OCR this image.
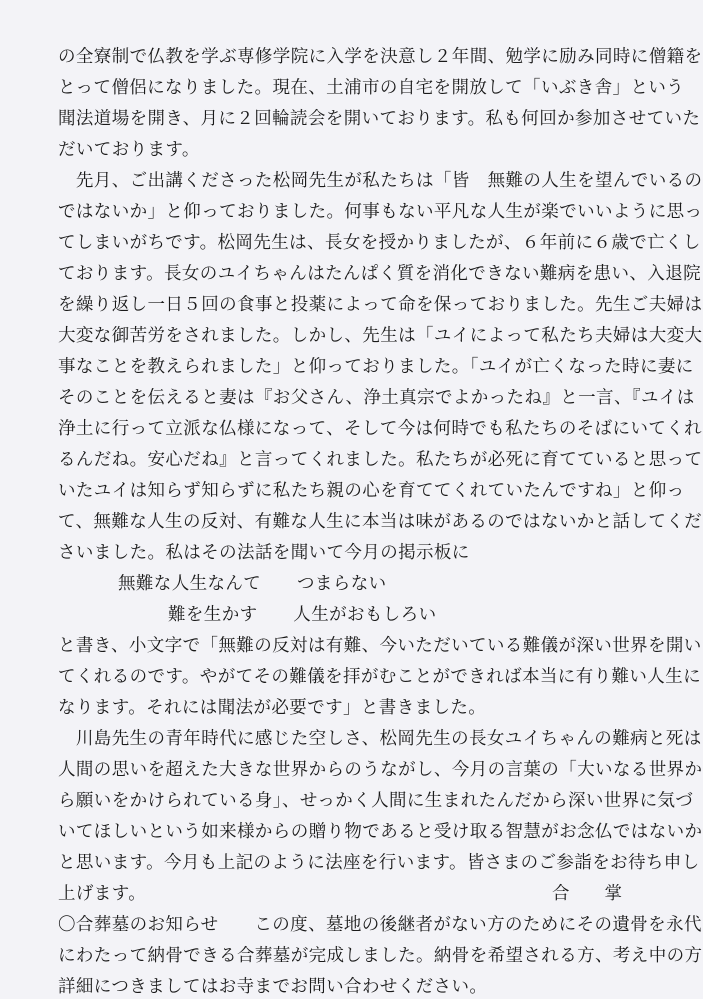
の全寮制で仏教を学ぶ専修学院に入学を決意し２年間、勉学に励み同時に僧籍を
とって僧侶になりました。現在、土浦市の自宅を開放して「いぶき舎」という
聞法道場を開き、月に２回輪読会を開いております。私も何回か参加させていた
だいております。
　先月、ご出講くださった松岡先生が私たちは「皆　無難の人生を望んでいるの
ではないか」と仰っておりました。何事もない平凡な人生が楽でいいように思っ
てしまいがちです。松岡先生は、長女を授かりましたが、６年前に６歳で亡くし
ております。長女のユイちゃんはたんぱく質を消化できない難病を患い、入退院
を繰り返し一日５回の食事と投薬によって命を保っておりました。先生ご夫婦は
大変な御苦労をされました。しかし、先生は「ユイによって私たち夫婦は大変大
事なことを教えられました」と仰っておりました。「ユイが亡くなった時に妻に
そのことを伝えると妻は『お父さん、浄土真宗でよかったね』と一言、『ユイは
浄土に行って立派な仏様になって、そして今は何時でも私たちのそばにいてくれ
るんだね。安心だね』と言ってくれました。私たちが必死に育てていると思って
いたユイは知らず知らずに私たち親の心を育ててくれていたんですね」と仰っ
て、無難な人生の反対、有難な人生に本当は味があるのではないかと話してくだ
さいました。私はその法話を聞いて今月の掲示板に
無難な人生なんて　　つまらない
難を生かす　　人生がおもしろい
と書き、小文字で「無難の反対は有難、今いただいている難儀が深い世界を開い
てくれるのです。やがてその難儀を拝がむことができれば本当に有り難い人生に
なります。それには聞法が必要です」と書きました。
　川島先生の青年時代に感じた空しさ、松岡先生の長女ユイちゃんの難病と死は
人間の思いを超えた大きな世界からのうながし、今月の言葉の「大いなる世界か
ら願いをかけられている身」、せっかく人間に生まれたんだから深い世界に気づ
いてほしいという如来様からの贈り物であると受け取る智慧がお念仏ではないか
と思います。今月も上記のように法座を行います。皆さまのご参詣をお待ち申し
上げます。	合　　掌
〇合葬墓のお知らせ　　この度、墓地の後継者がない方のためにその遺骨を永代
にわたって納骨できる合葬墓が完成しました。納骨を希望される方、考え中の方
詳細につきましてはお寺までお問い合わせください。
